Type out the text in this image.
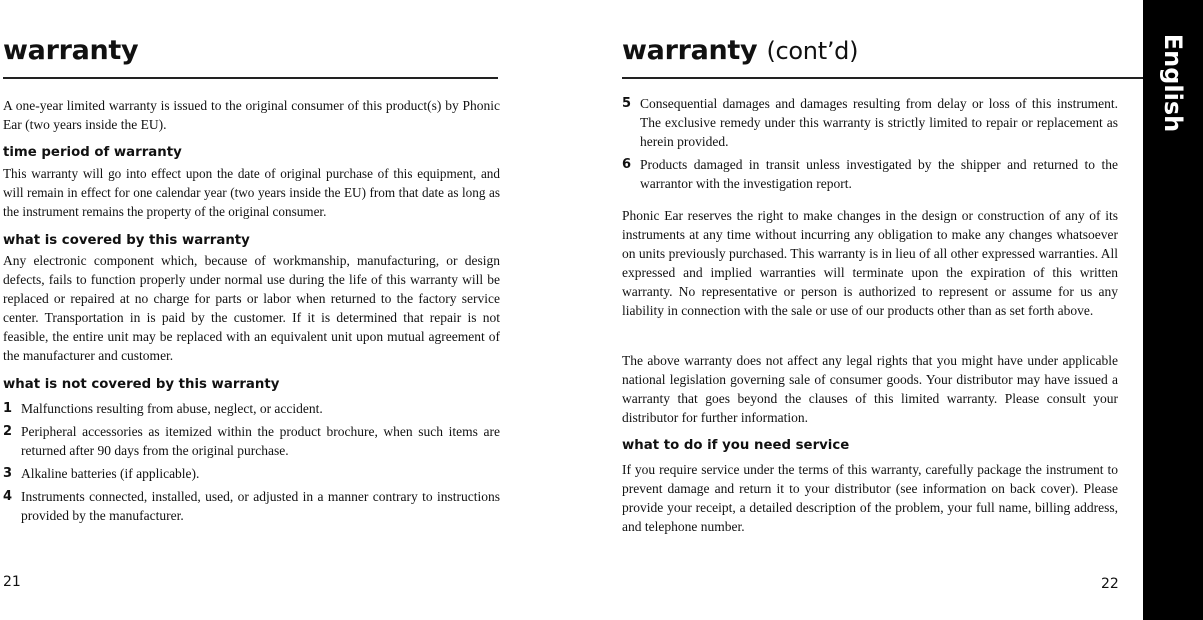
warranty

A one-year limited warranty is issued to the original consumer of this product(s) by Phonic Ear (two years inside the EU).

time period of warranty

This warranty will go into effect upon the date of original purchase of this equipment, and will remain in effect for one calendar year (two years inside the EU) from that date as long as the instrument remains the property of the original consumer.

what is covered by this warranty

Any electronic component which, because of workmanship, manufacturing, or design defects, fails to function properly under normal use during the life of this warranty will be replaced or repaired at no charge for parts or labor when returned to the factory service center. Transportation in is paid by the customer. If it is determined that repair is not feasible, the entire unit may be replaced with an equivalent unit upon mutual agreement of the manufacturer and customer.

what is not covered by this warranty

1 Malfunctions resulting from abuse, neglect, or accident.
2 Peripheral accessories as itemized within the product brochure, when such items are returned after 90 days from the original purchase.
3 Alkaline batteries (if applicable).
4 Instruments connected, installed, used, or adjusted in a manner contrary to instructions provided by the manufacturer.
21
warranty (cont’d)
5 Consequential damages and damages resulting from delay or loss of this instrument. The exclusive remedy under this warranty is strictly limited to repair or replacement as herein provided.
6 Products damaged in transit unless investigated by the shipper and returned to the warrantor with the investigation report.

Phonic Ear reserves the right to make changes in the design or construction of any of its instruments at any time without incurring any obligation to make any changes whatsoever on units previously purchased. This warranty is in lieu of all other expressed warranties. All expressed and implied warranties will terminate upon the expiration of this written warranty. No representative or person is authorized to represent or assume for us any liability in connection with the sale or use of our products other than as set forth above.

The above warranty does not affect any legal rights that you might have under applicable national legislation governing sale of consumer goods. Your distributor may have issued a warranty that goes beyond the clauses of this limited warranty. Please consult your distributor for further information.

what to do if you need service

If you require service under the terms of this warranty, carefully package the instrument to prevent damage and return it to your distributor (see information on back cover). Please provide your receipt, a detailed description of the problem, your full name, billing address, and telephone number.

22
English
